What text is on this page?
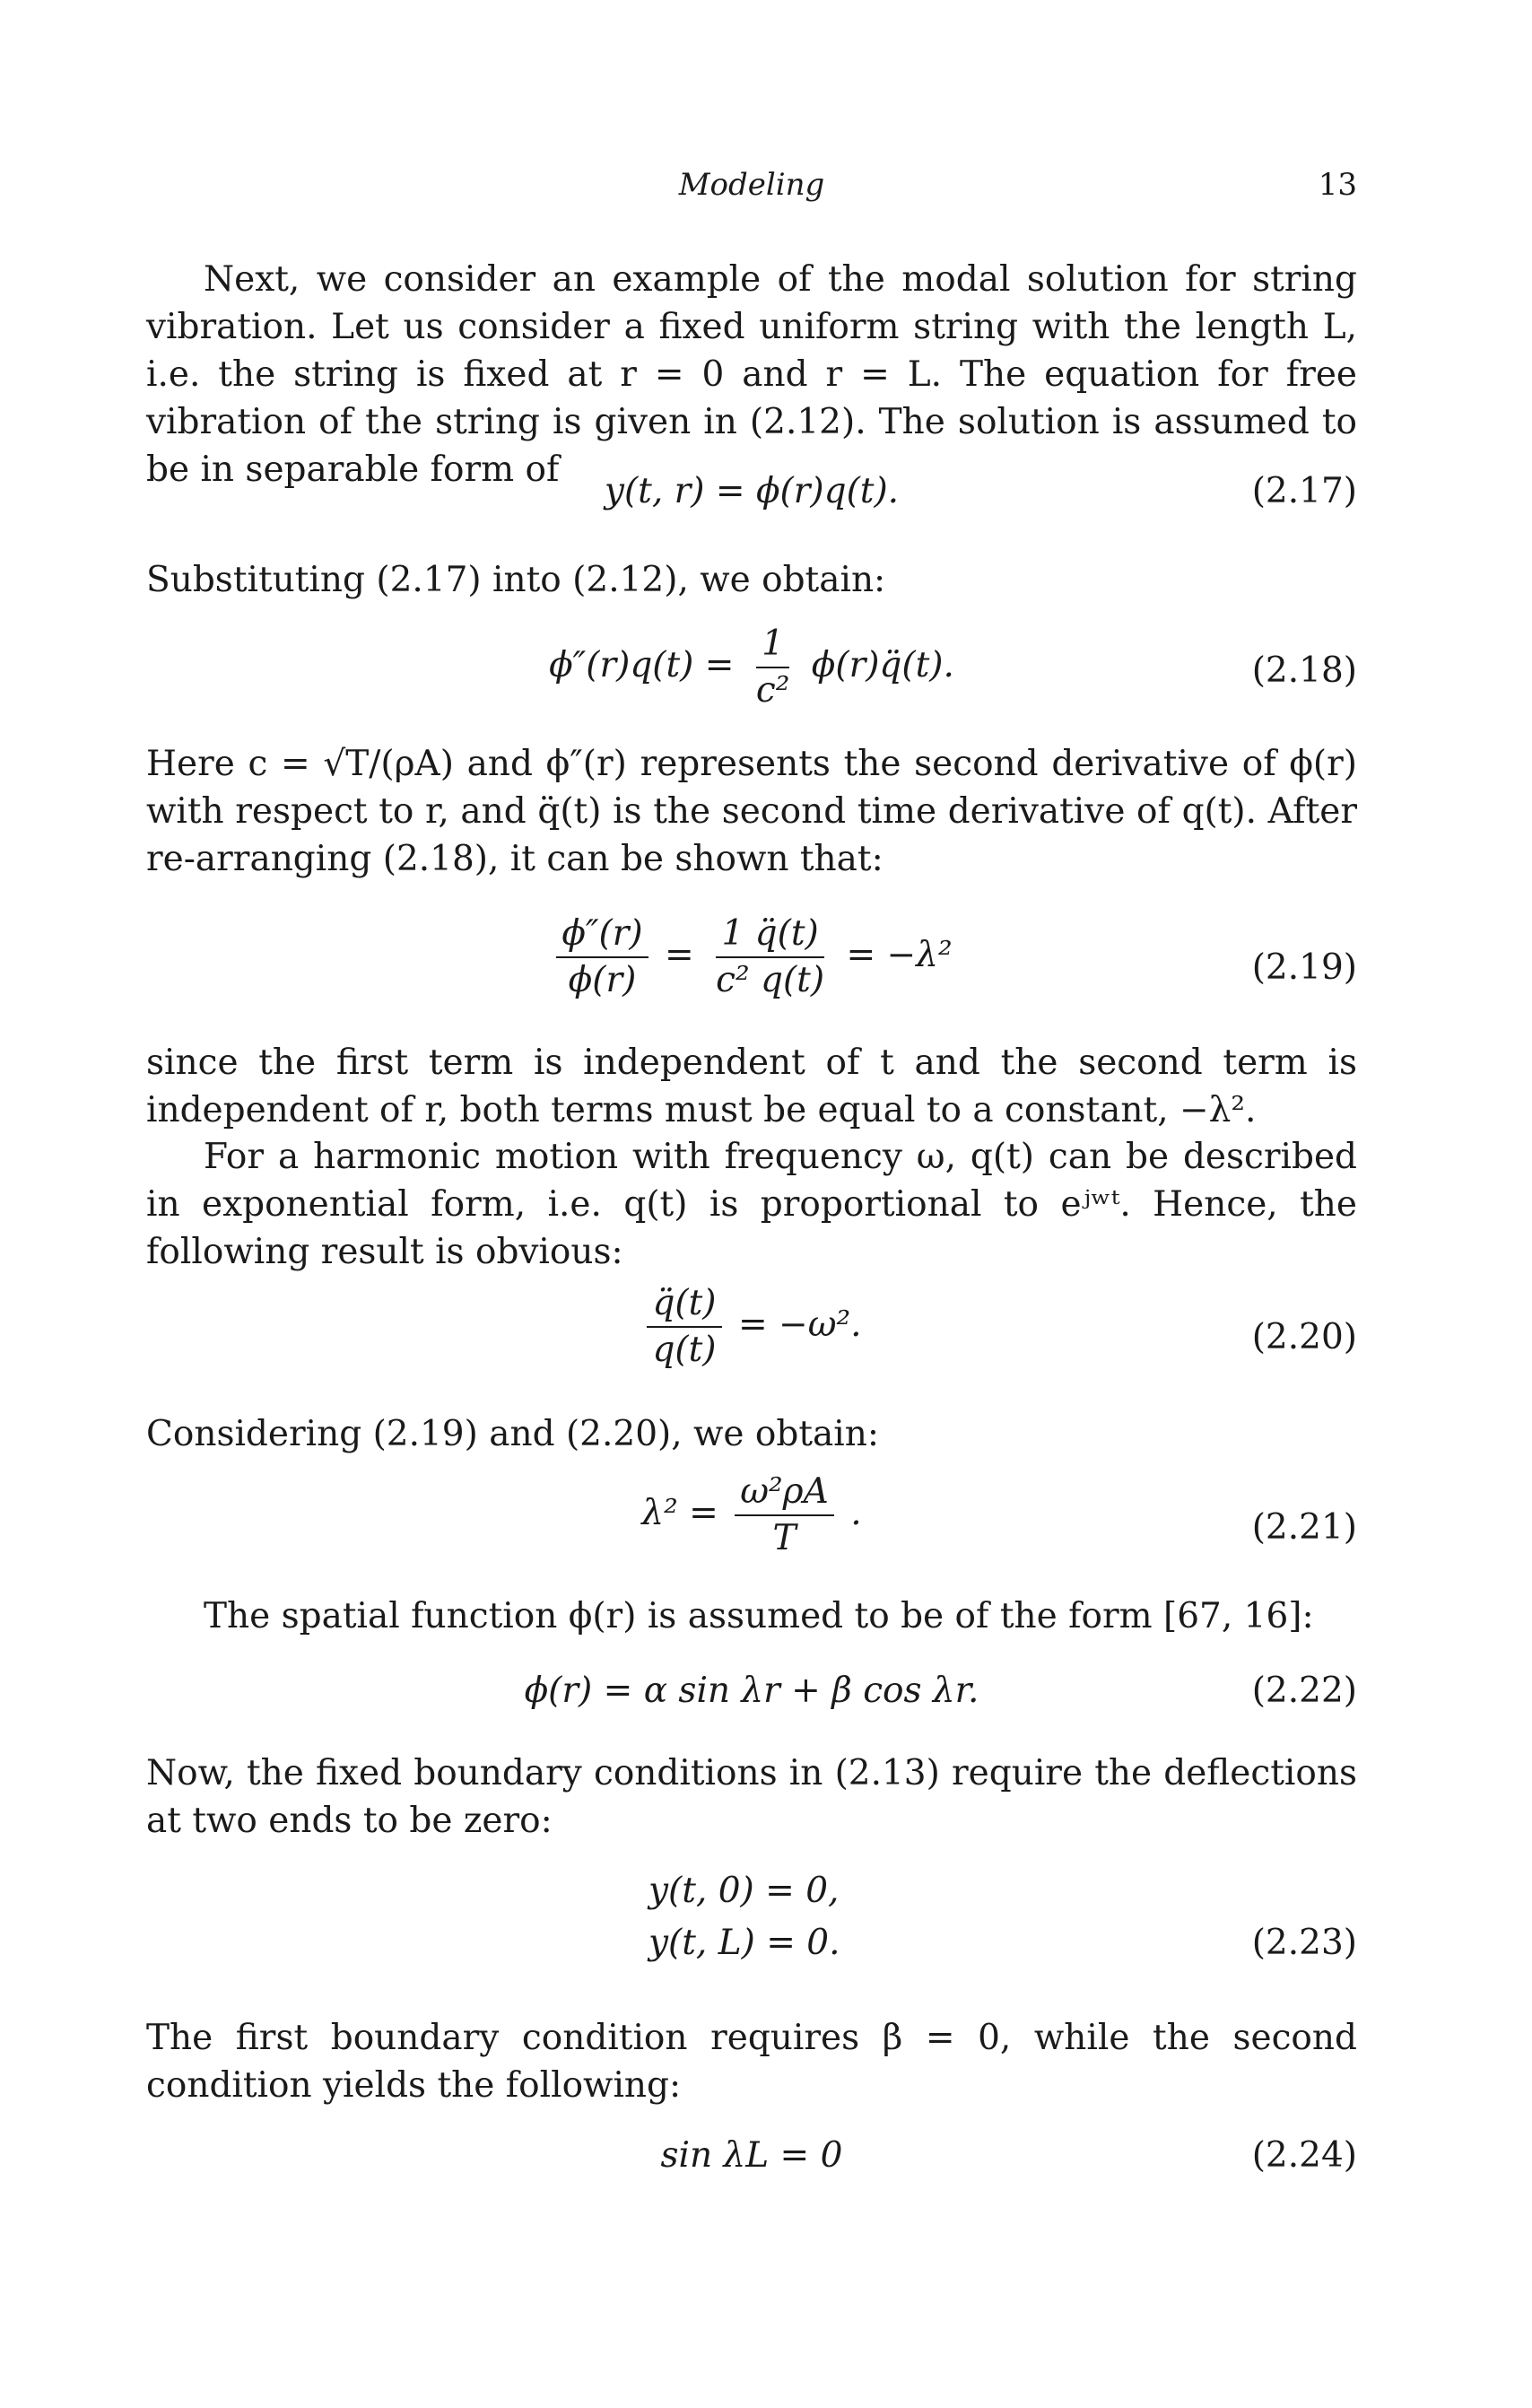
Modeling	13

Next, we consider an example of the modal solution for string vibration. Let us consider a fixed uniform string with the length L, i.e. the string is fixed at r = 0 and r = L. The equation for free vibration of the string is given in (2.12). The solution is assumed to be in separable form of

y(t, r) = ϕ(r)q(t).	(2.17)

Substituting (2.17) into (2.12), we obtain:

$\phi''(r)q(t) = \frac{1}{\text{c²}}$ ϕ(r)q̈(t).	(2.18)

Here c = √T/(ρA) and ϕ″(r) represents the second derivative of ϕ(r) with respect to r, and q̈(t) is the second time derivative of q(t). After re-arranging (2.18), it can be shown that:

$\frac{\phi''(r)}{\phi(r)} = \frac{1 q̈(t)}{\text{c² q(t)}} = -\lambda^2$	(2.19)

since the first term is independent of t and the second term is independent of r, both terms must be equal to a constant, −λ².

For a harmonic motion with frequency ω, q(t) can be described in exponential form, i.e. q(t) is proportional to eʲʷᵗ. Hence, the following result is obvious:

$\frac{q̈(t)}{q(t)} = -\omega^2$.	(2.20)

Considering (2.19) and (2.20), we obtain:

$\lambda^2 = \frac{\text{ω²ρA}}{T}$ .	(2.21)

The spatial function ϕ(r) is assumed to be of the form [67, 16]:

ϕ(r) = α sin λr + β cos λr.	(2.22)

Now, the fixed boundary conditions in (2.13) require the deflections at two ends to be zero:

y(t, 0) = 0,
y(t, L) = 0.	(2.23)

The first boundary condition requires β = 0, while the second condition yields the following:

sin λL = 0	(2.24)
